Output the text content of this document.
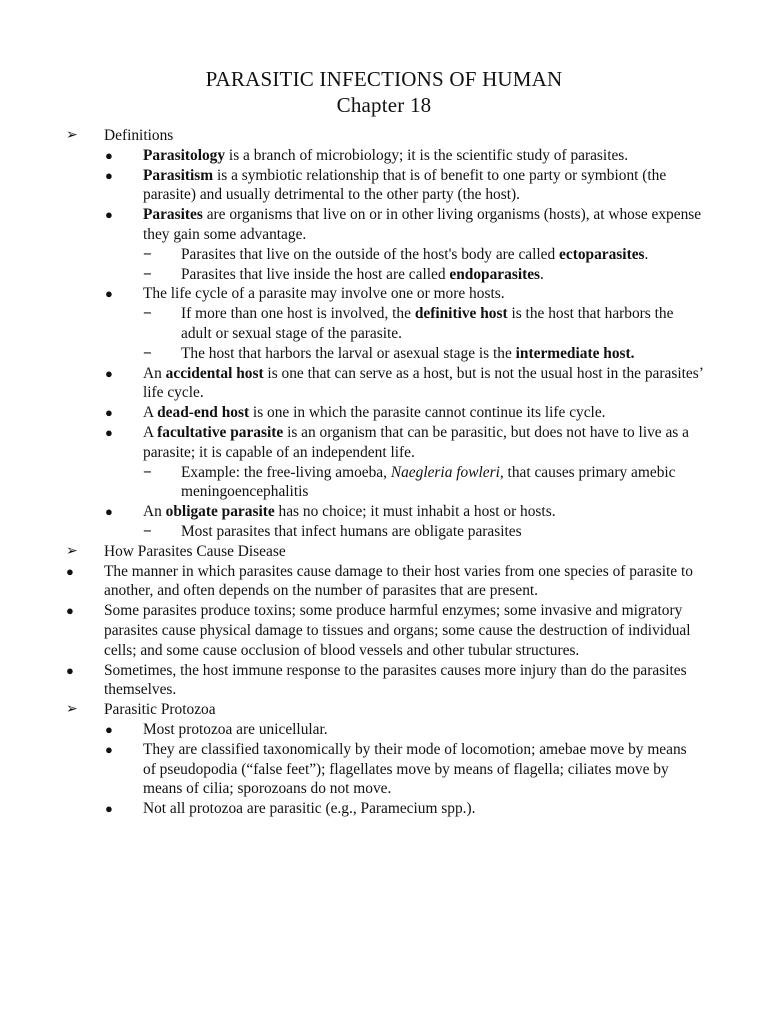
PARASITIC INFECTIONS OF HUMAN
Chapter 18
➢ Definitions
● Parasitology is a branch of microbiology; it is the scientific study of parasites.
● Parasitism is a symbiotic relationship that is of benefit to one party or symbiont (the parasite) and usually detrimental to the other party (the host).
● Parasites are organisms that live on or in other living organisms (hosts), at whose expense they gain some advantage.
− Parasites that live on the outside of the host's body are called ectoparasites.
− Parasites that live inside the host are called endoparasites.
● The life cycle of a parasite may involve one or more hosts.
− If more than one host is involved, the definitive host is the host that harbors the adult or sexual stage of the parasite.
− The host that harbors the larval or asexual stage is the intermediate host.
● An accidental host is one that can serve as a host, but is not the usual host in the parasites’ life cycle.
● A dead-end host is one in which the parasite cannot continue its life cycle.
● A facultative parasite is an organism that can be parasitic, but does not have to live as a parasite; it is capable of an independent life.
− Example: the free-living amoeba, Naegleria fowleri, that causes primary amebic meningoencephalitis
● An obligate parasite has no choice; it must inhabit a host or hosts.
− Most parasites that infect humans are obligate parasites
➢ How Parasites Cause Disease
● The manner in which parasites cause damage to their host varies from one species of parasite to another, and often depends on the number of parasites that are present.
● Some parasites produce toxins; some produce harmful enzymes; some invasive and migratory parasites cause physical damage to tissues and organs; some cause the destruction of individual cells; and some cause occlusion of blood vessels and other tubular structures.
● Sometimes, the host immune response to the parasites causes more injury than do the parasites themselves.
➢ Parasitic Protozoa
● Most protozoa are unicellular.
● They are classified taxonomically by their mode of locomotion; amebae move by means of pseudopodia (“false feet”); flagellates move by means of flagella; ciliates move by means of cilia; sporozoans do not move.
● Not all protozoa are parasitic (e.g., Paramecium spp.).
